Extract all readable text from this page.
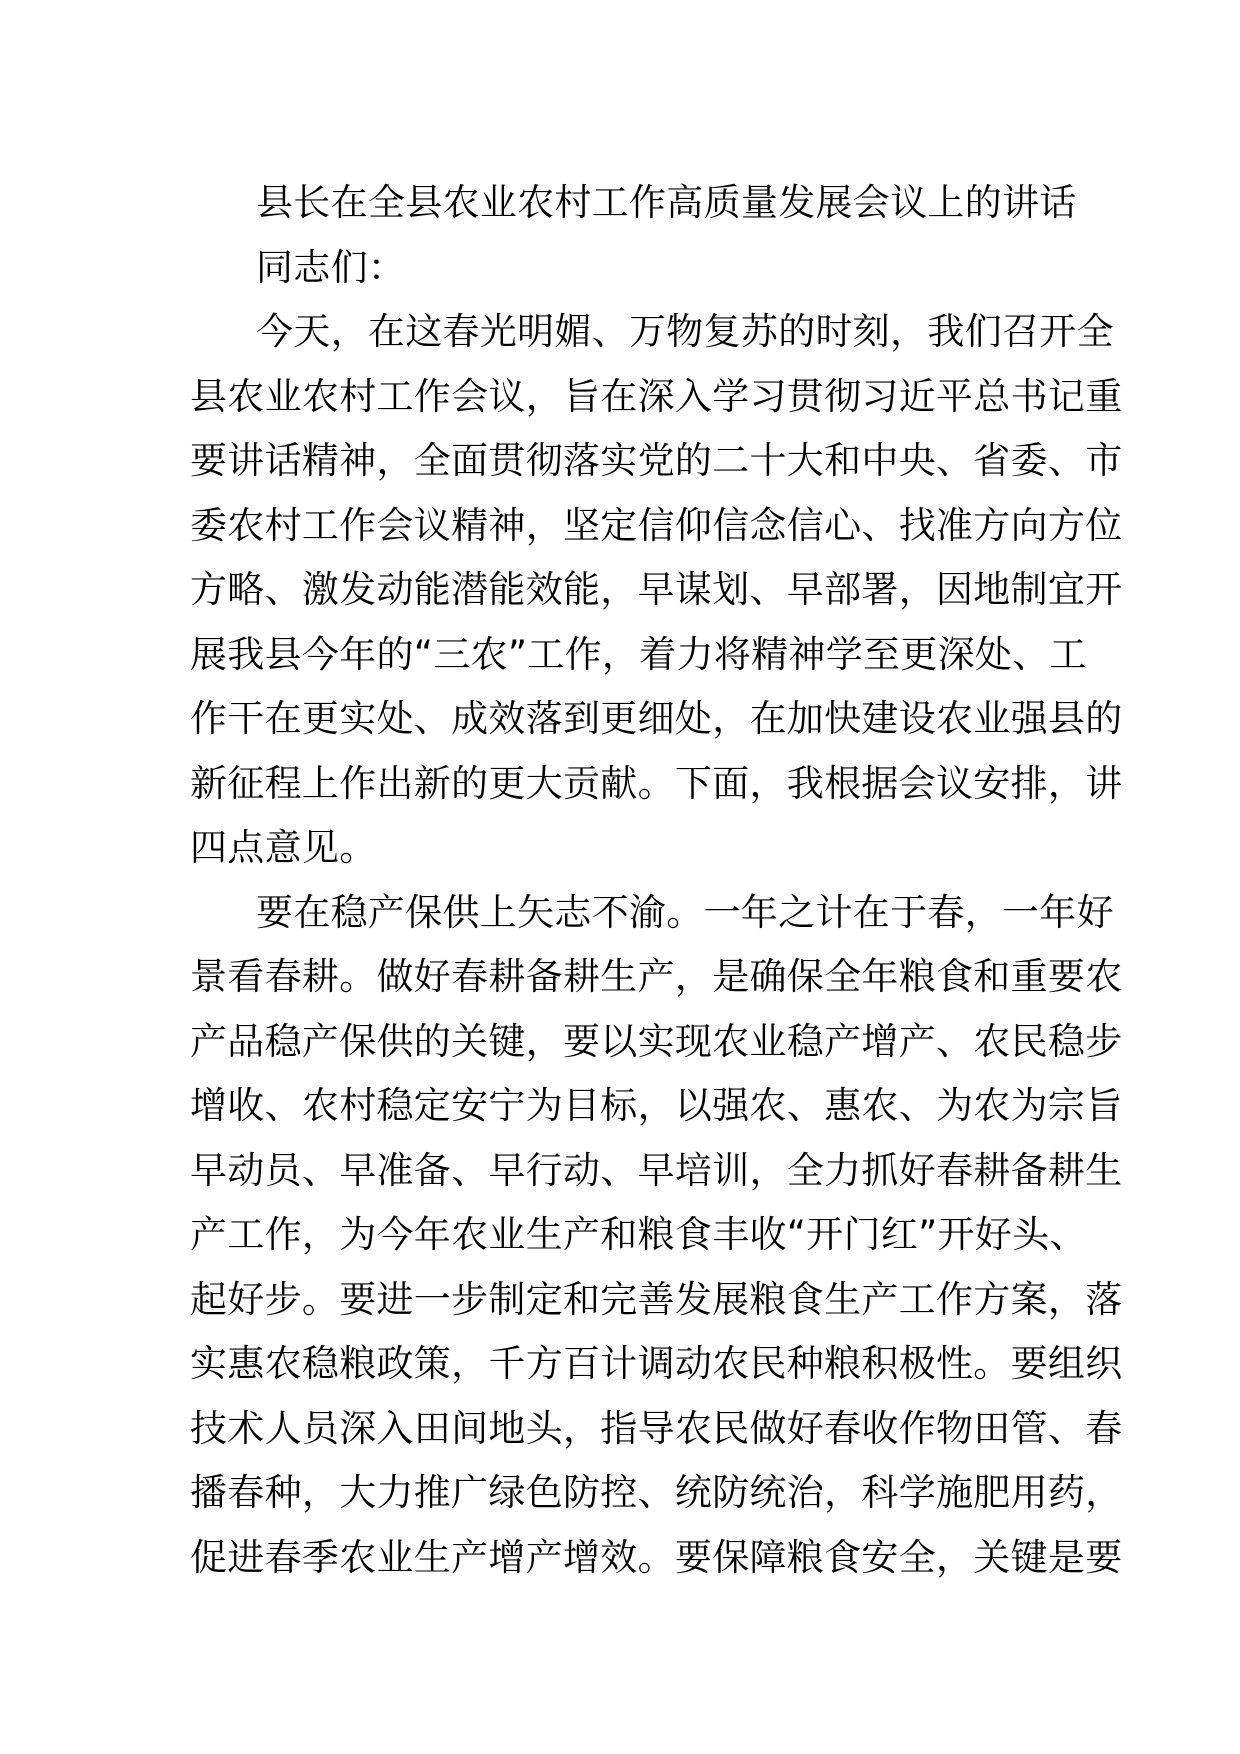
县长在全县农业农村工作高质量发展会议上的讲话
同志们：
今天，在这春光明媚、万物复苏的时刻，我们召开全
县农业农村工作会议，旨在深入学习贯彻习近平总书记重
要讲话精神，全面贯彻落实党的二十大和中央、省委、市
委农村工作会议精神，坚定信仰信念信心、找准方向方位
方略、激发动能潜能效能，早谋划、早部署，因地制宜开
展我县今年的“三农”工作，着力将精神学至更深处、工
作干在更实处、成效落到更细处，在加快建设农业强县的
新征程上作出新的更大贡献。下面，我根据会议安排，讲
四点意见。
要在稳产保供上矢志不渝。一年之计在于春，一年好
景看春耕。做好春耕备耕生产，是确保全年粮食和重要农
产品稳产保供的关键，要以实现农业稳产增产、农民稳步
增收、农村稳定安宁为目标，以强农、惠农、为农为宗旨
早动员、早准备、早行动、早培训，全力抓好春耕备耕生
产工作，为今年农业生产和粮食丰收“开门红”开好头、
起好步。要进一步制定和完善发展粮食生产工作方案，落
实惠农稳粮政策，千方百计调动农民种粮积极性。要组织
技术人员深入田间地头，指导农民做好春收作物田管、春
播春种，大力推广绿色防控、统防统治，科学施肥用药，
促进春季农业生产增产增效。要保障粮食安全，关键是要
